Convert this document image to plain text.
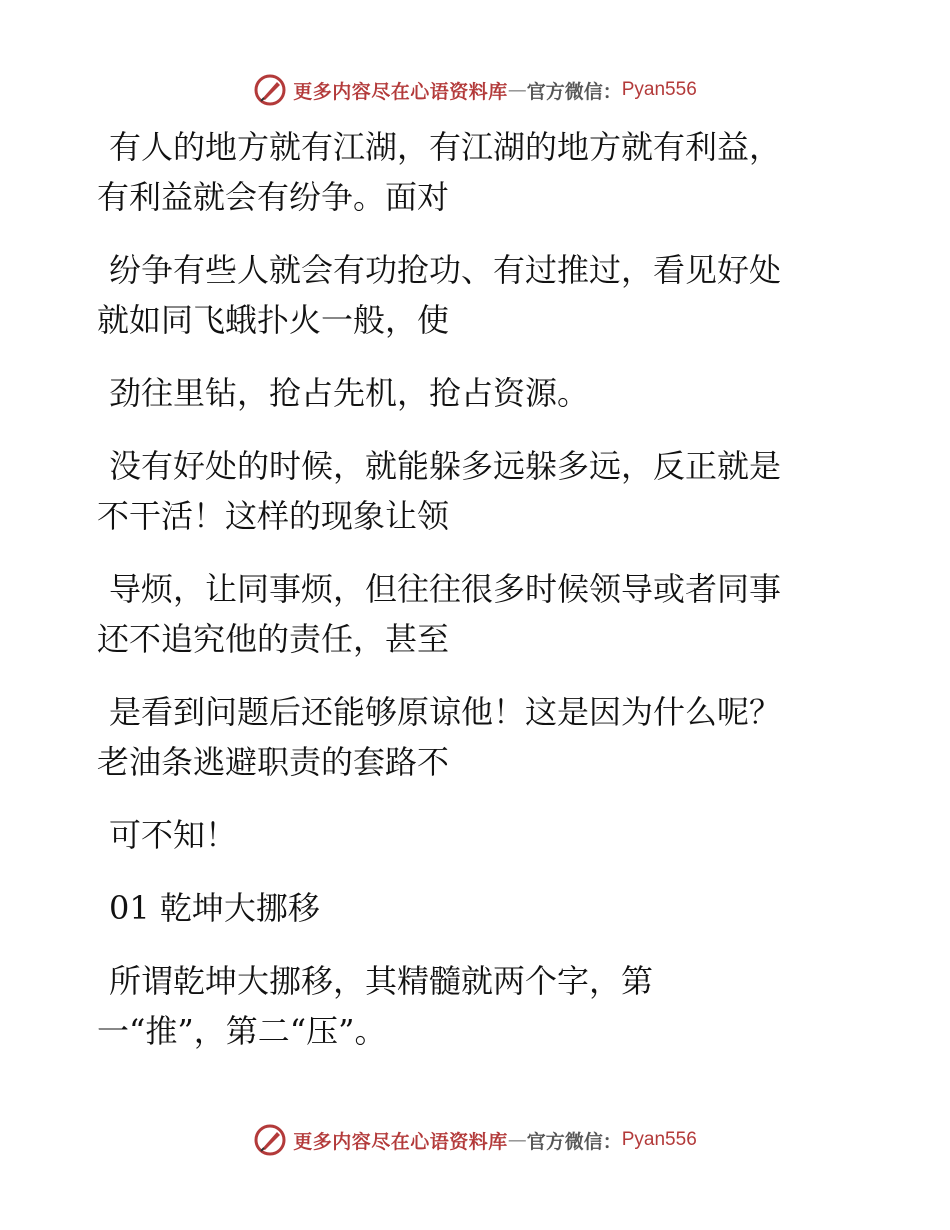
更多内容尽在心语资料库 — 官方微信： Pyan556

有人的地方就有江湖，有江湖的地方就有利益，
有利益就会有纷争。面对

纷争有些人就会有功抢功、有过推过，看见好处
就如同飞蛾扑火一般，使

劲往里钻，抢占先机，抢占资源。

没有好处的时候，就能躲多远躲多远，反正就是
不干活！这样的现象让领

导烦，让同事烦，但往往很多时候领导或者同事
还不追究他的责任，甚至

是看到问题后还能够原谅他！这是因为什么呢？
老油条逃避职责的套路不

可不知！

01 乾坤大挪移

所谓乾坤大挪移，其精髓就两个字，第
一“推”，第二“压”。

更多内容尽在心语资料库 — 官方微信： Pyan556
